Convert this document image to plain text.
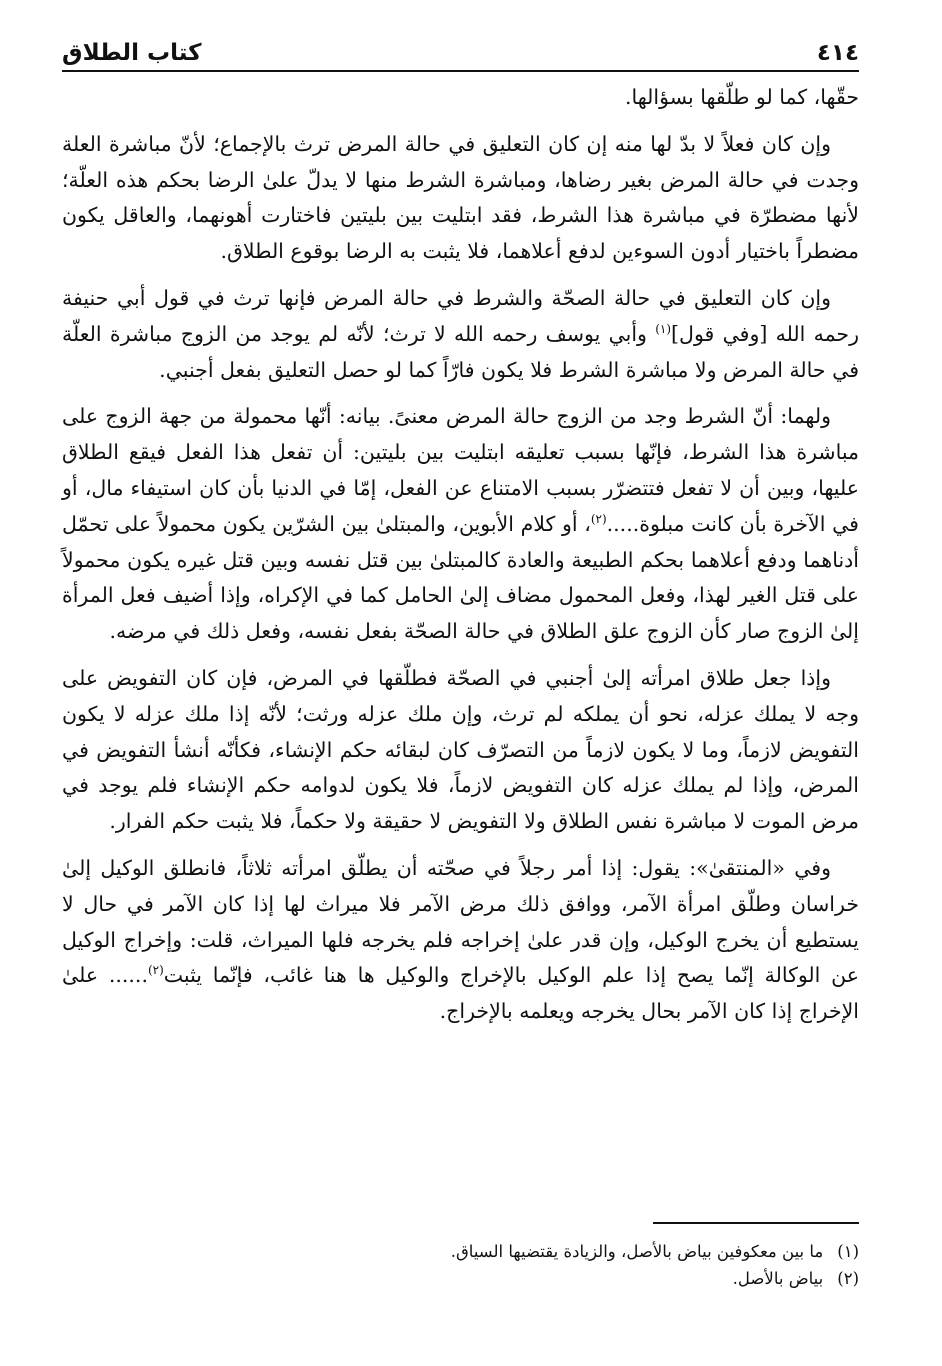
٤١٤
كتاب الطلاق

حقّها، كما لو طلّقها بسؤالها.

وإن كان فعلاً لا بدّ لها منه إن كان التعليق في حالة المرض ترث بالإجماع؛ لأنّ مباشرة العلة وجدت في حالة المرض بغير رضاها، ومباشرة الشرط منها لا يدلّ علىٰ الرضا بحكم هذه العلّة؛ لأنها مضطرّة في مباشرة هذا الشرط، فقد ابتليت بين بليتين فاختارت أهونهما، والعاقل يكون مضطراً باختيار أدون السوءين لدفع أعلاهما، فلا يثبت به الرضا بوقوع الطلاق.

وإن كان التعليق في حالة الصحّة والشرط في حالة المرض فإنها ترث في قول أبي حنيفة رحمه الله [وفي قول]$^{(١)}$ وأبي يوسف رحمه الله لا ترث؛ لأنّه لم يوجد من الزوج مباشرة العلّة في حالة المرض ولا مباشرة الشرط فلا يكون فارّاً كما لو حصل التعليق بفعل أجنبي.

ولهما: أنّ الشرط وجد من الزوج حالة المرض معنىً. بيانه: أنّها محمولة من جهة الزوج على مباشرة هذا الشرط، فإنّها بسبب تعليقه ابتليت بين بليتين: أن تفعل هذا الفعل فيقع الطلاق عليها، وبين أن لا تفعل فتتضرّر بسبب الامتناع عن الفعل، إمّا في الدنيا بأن كان استيفاء مال، أو في الآخرة بأن كانت مبلوة.....$^{(٢)}$، أو كلام الأبوين، والمبتلىٰ بين الشرّين يكون محمولاً على تحمّل أدناهما ودفع أعلاهما بحكم الطبيعة والعادة كالمبتلىٰ بين قتل نفسه وبين قتل غيره يكون محمولاً على قتل الغير لهذا، وفعل المحمول مضاف إلىٰ الحامل كما في الإكراه، وإذا أضيف فعل المرأة إلىٰ الزوج صار كأن الزوج علق الطلاق في حالة الصحّة بفعل نفسه، وفعل ذلك في مرضه.

وإذا جعل طلاق امرأته إلىٰ أجنبي في الصحّة فطلّقها في المرض، فإن كان التفويض على وجه لا يملك عزله، نحو أن يملكه لم ترث، وإن ملك عزله ورثت؛ لأنّه إذا ملك عزله لا يكون التفويض لازماً، وما لا يكون لازماً من التصرّف كان لبقائه حكم الإنشاء، فكأنّه أنشأ التفويض في المرض، وإذا لم يملك عزله كان التفويض لازماً، فلا يكون لدوامه حكم الإنشاء فلم يوجد في مرض الموت لا مباشرة نفس الطلاق ولا التفويض لا حقيقة ولا حكماً، فلا يثبت حكم الفرار.

وفي «المنتقىٰ»: يقول: إذا أمر رجلاً في صحّته أن يطلّق امرأته ثلاثاً، فانطلق الوكيل إلىٰ خراسان وطلّق امرأة الآمر، ووافق ذلك مرض الآمر فلا ميراث لها إذا كان الآمر في حال لا يستطيع أن يخرج الوكيل، وإن قدر علىٰ إخراجه فلم يخرجه فلها الميراث، قلت: وإخراج الوكيل عن الوكالة إنّما يصح إذا علم الوكيل بالإخراج والوكيل ها هنا غائب، فإنّما يثبت$^{(٢)}$...... علىٰ الإخراج إذا كان الآمر بحال يخرجه ويعلمه بالإخراج.

(١)
ما بين معكوفين بياض بالأصل، والزيادة يقتضيها السياق.
(٢)
بياض بالأصل.
